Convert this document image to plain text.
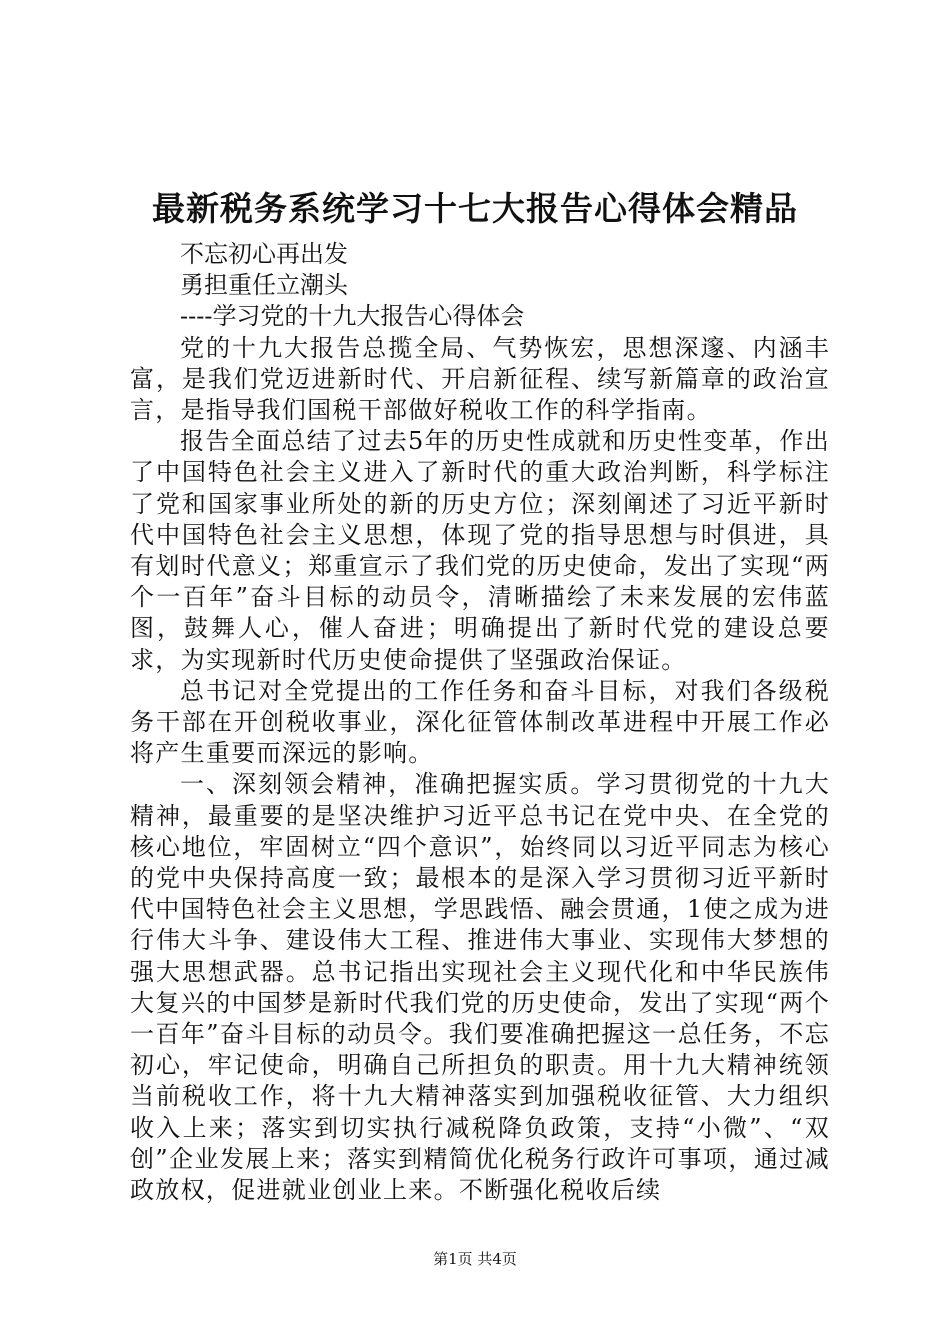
最新税务系统学习十七大报告心得体会精品
不忘初心再出发
勇担重任立潮头
----学习党的十九大报告心得体会

党的十九大报告总揽全局、气势恢宏，思想深邃、内涵丰富，是我们党迈进新时代、开启新征程、续写新篇章的政治宣言，是指导我们国税干部做好税收工作的科学指南。

报告全面总结了过去5年的历史性成就和历史性变革，作出了中国特色社会主义进入了新时代的重大政治判断，科学标注了党和国家事业所处的新的历史方位；深刻阐述了习近平新时代中国特色社会主义思想，体现了党的指导思想与时俱进，具有划时代意义；郑重宣示了我们党的历史使命，发出了实现“两个一百年”奋斗目标的动员令，清晰描绘了未来发展的宏伟蓝图，鼓舞人心，催人奋进；明确提出了新时代党的建设总要求，为实现新时代历史使命提供了坚强政治保证。

总书记对全党提出的工作任务和奋斗目标，对我们各级税务干部在开创税收事业，深化征管体制改革进程中开展工作必将产生重要而深远的影响。

一、深刻领会精神，准确把握实质。学习贯彻党的十九大精神，最重要的是坚决维护习近平总书记在党中央、在全党的核心地位，牢固树立“四个意识”，始终同以习近平同志为核心的党中央保持高度一致；最根本的是深入学习贯彻习近平新时代中国特色社会主义思想，学思践悟、融会贯通，1使之成为进行伟大斗争、建设伟大工程、推进伟大事业、实现伟大梦想的强大思想武器。总书记指出实现社会主义现代化和中华民族伟大复兴的中国梦是新时代我们党的历史使命，发出了实现“两个一百年”奋斗目标的动员令。我们要准确把握这一总任务，不忘初心，牢记使命，明确自己所担负的职责。用十九大精神统领当前税收工作，将十九大精神落实到加强税收征管、大力组织收入上来；落实到切实执行减税降负政策，支持“小微”、“双创”企业发展上来；落实到精简优化税务行政许可事项，通过减政放权，促进就业创业上来。不断强化税收后续

第1页 共4页
